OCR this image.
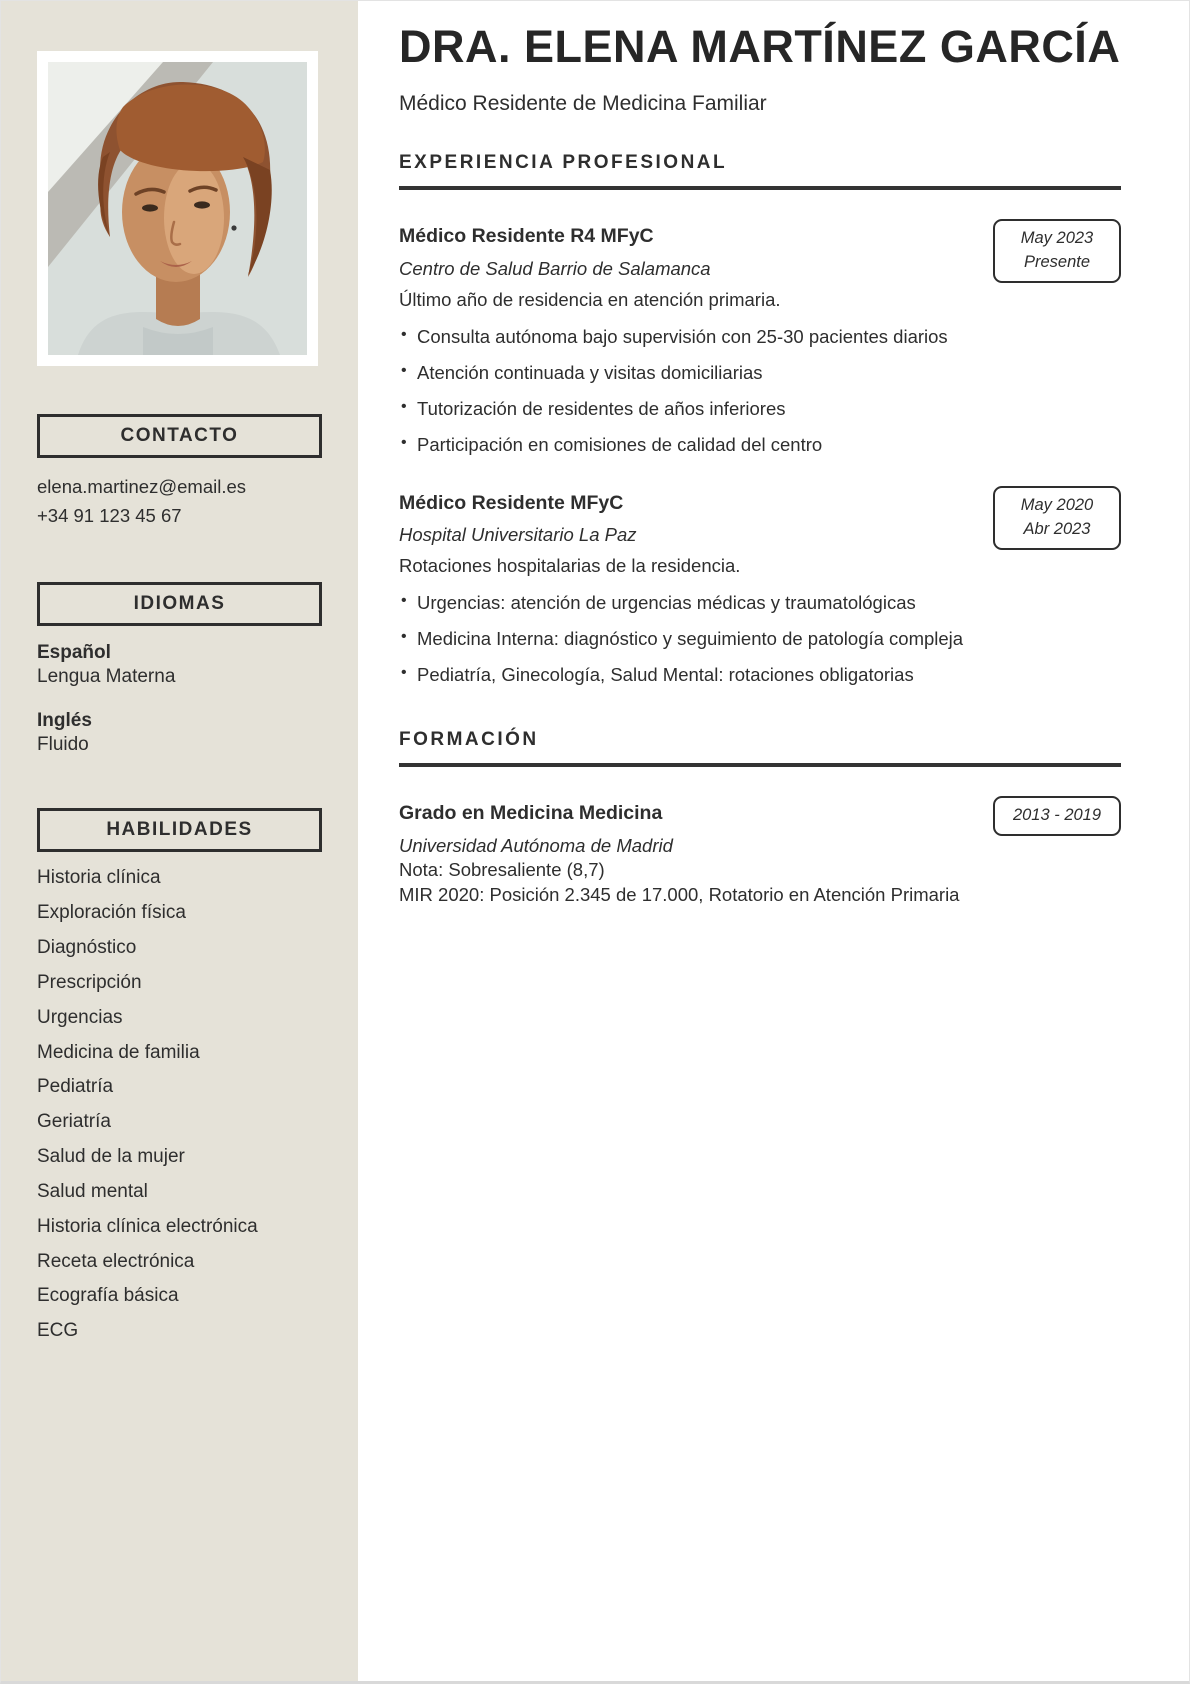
CONTACTO
elena.martinez@email.es
+34 91 123 45 67
IDIOMAS
Español
Lengua Materna
Inglés
Fluido
HABILIDADES
Historia clínica
Exploración física
Diagnóstico
Prescripción
Urgencias
Medicina de familia
Pediatría
Geriatría
Salud de la mujer
Salud mental
Historia clínica electrónica
Receta electrónica
Ecografía básica
ECG
DRA. ELENA MARTÍNEZ GARCÍA

Médico Residente de Medicina Familiar

EXPERIENCIA PROFESIONAL
May 2023
Presente
Médico Residente R4 MFyC
Centro de Salud Barrio de Salamanca
Último año de residencia en atención primaria.
• Consulta autónoma bajo supervisión con 25-30 pacientes diarios
• Atención continuada y visitas domiciliarias
• Tutorización de residentes de años inferiores
• Participación en comisiones de calidad del centro
May 2020
Abr 2023
Médico Residente MFyC
Hospital Universitario La Paz
Rotaciones hospitalarias de la residencia.
• Urgencias: atención de urgencias médicas y traumatológicas
• Medicina Interna: diagnóstico y seguimiento de patología compleja
• Pediatría, Ginecología, Salud Mental: rotaciones obligatorias
FORMACIÓN
2013 - 2019
Grado en Medicina Medicina
Universidad Autónoma de Madrid
Nota: Sobresaliente (8,7)
MIR 2020: Posición 2.345 de 17.000, Rotatorio en Atención Primaria
